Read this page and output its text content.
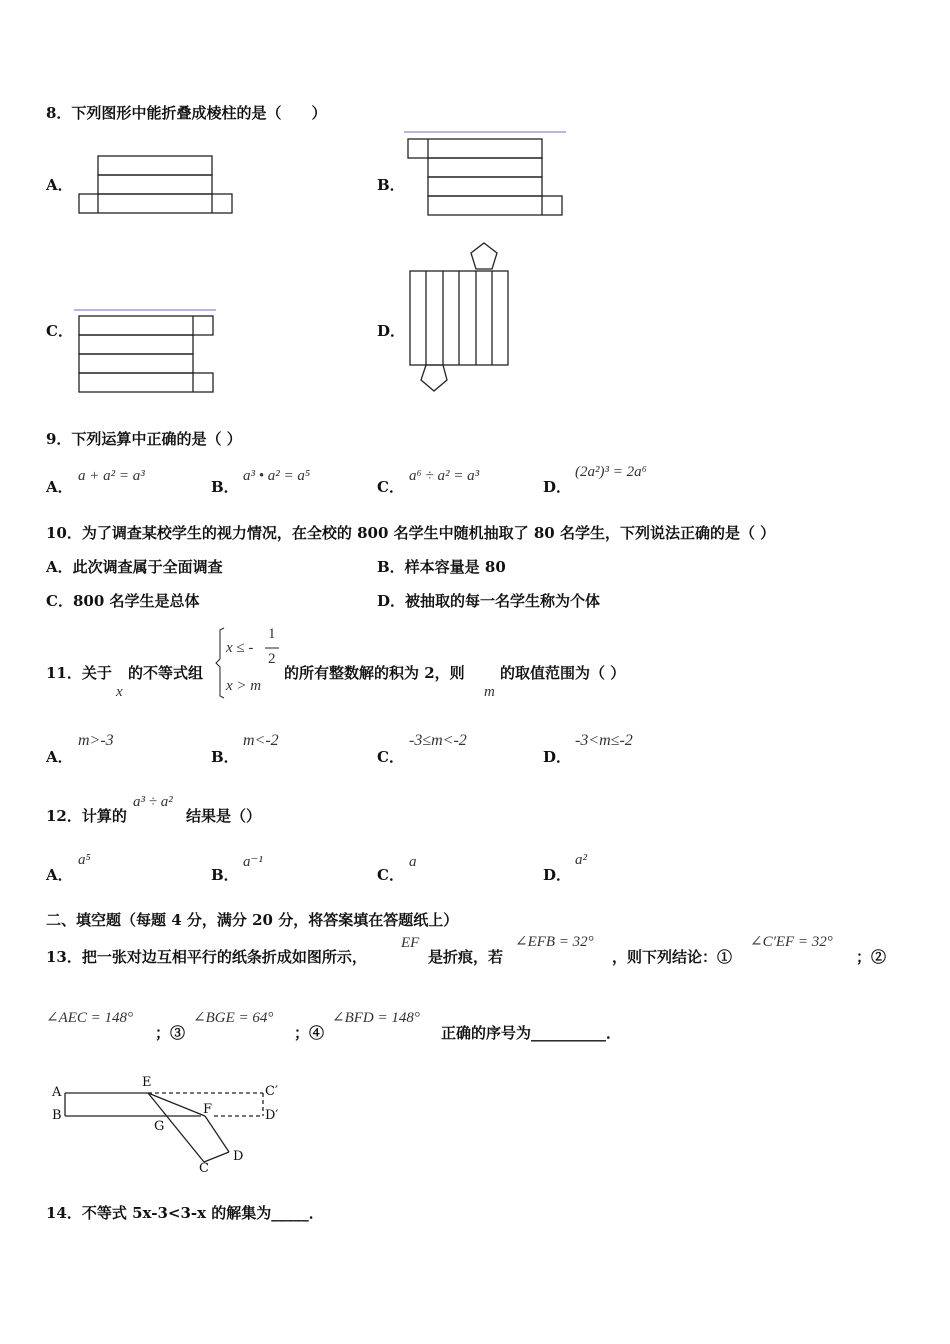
8．下列图形中能折叠成棱柱的是（　　）
A．	B．
C．	D．
9．下列运算中正确的是（ ）
A．
a + a² = a³
B．
a³ • a² = a⁵
C．
a⁶ ÷ a² = a³
D．
(2a²)³ = 2a⁶
10．为了调查某校学生的视力情况，在全校的 800 名学生中随机抽取了 80 名学生，下列说法正确的是（ ）
A．此次调查属于全面调查	B．样本容量是 80
C．800 名学生是总体	D．被抽取的每一名学生称为个体
11．关于
x
的不等式组
x ≤ -
1
2
x > m
的所有整数解的积为 2，则
m
的取值范围为（ ）
A．
m>-3
B．
m<-2
C．
-3≤m<-2
D．
-3<m≤-2
12．计算的
a³ ÷ a²
结果是（）
A．
a⁵
B．
a⁻¹
C．
a
D．
a²
二、填空题（每题 4 分，满分 20 分，将答案填在答题纸上）
13．把一张对边互相平行的纸条折成如图所示，
EF
是折痕，若
∠EFB = 32°
，则下列结论：①
∠C′EF = 32°
；②
∠AEC = 148°
；③
∠BGE = 64°
；④
∠BFD = 148°
正确的序号为__________．
A
B
E
F
G
C
D
C′
D′
14．不等式 5x-3<3-x 的解集为_____．
